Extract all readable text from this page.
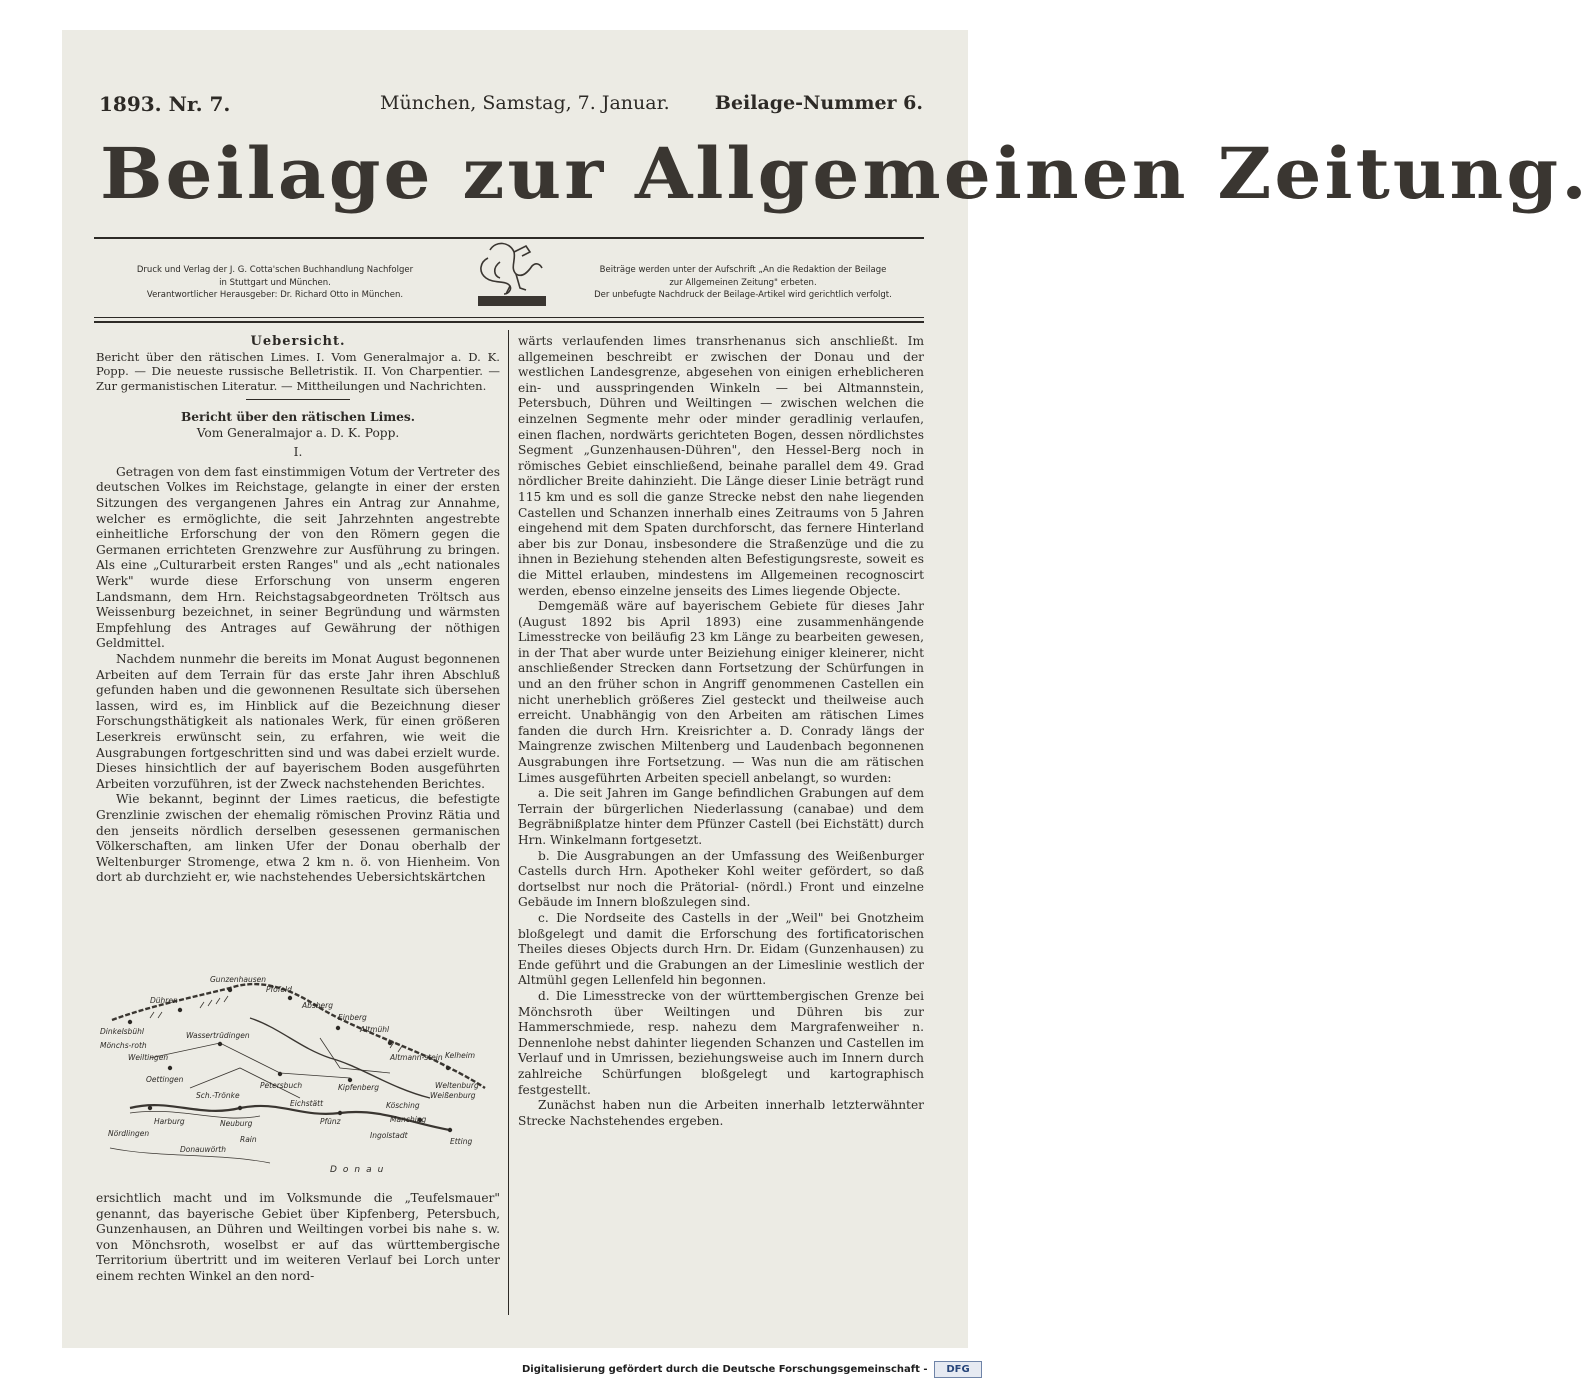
1893. Nr. 7.	München, Samstag, 7. Januar. Beilage-Nummer 6.
Beilage zur Allgemeinen Zeitung.
Druck und Verlag der J. G. Cotta'schen Buchhandlung Nachfolger
in Stuttgart und München.
Verantwortlicher Herausgeber: Dr. Richard Otto in München.
Beiträge werden unter der Aufschrift „An die Redaktion der Beilage
zur Allgemeinen Zeitung" erbeten.
Der unbefugte Nachdruck der Beilage-Artikel wird gerichtlich verfolgt.

Uebersicht.

Bericht über den rätischen Limes. I. Vom Generalmajor a. D. K. Popp. — Die neueste russische Belletristik. II. Von Charpentier. — Zur germanistischen Literatur. — Mittheilungen und Nachrichten.

Bericht über den rätischen Limes.

Vom Generalmajor a. D. K. Popp.

I.

Getragen von dem fast einstimmigen Votum der Vertreter des deutschen Volkes im Reichstage, gelangte in einer der ersten Sitzungen des vergangenen Jahres ein Antrag zur Annahme, welcher es ermöglichte, die seit Jahrzehnten angestrebte einheitliche Erforschung der von den Römern gegen die Germanen errichteten Grenzwehre zur Ausführung zu bringen. Als eine „Culturarbeit ersten Ranges" und als „echt nationales Werk" wurde diese Erforschung von unserm engeren Landsmann, dem Hrn. Reichstagsabgeordneten Tröltsch aus Weissenburg bezeichnet, in seiner Begründung und wärmsten Empfehlung des Antrages auf Gewährung der nöthigen Geldmittel.

Nachdem nunmehr die bereits im Monat August begonnenen Arbeiten auf dem Terrain für das erste Jahr ihren Abschluß gefunden haben und die gewonnenen Resultate sich übersehen lassen, wird es, im Hinblick auf die Bezeichnung dieser Forschungsthätigkeit als nationales Werk, für einen größeren Leserkreis erwünscht sein, zu erfahren, wie weit die Ausgrabungen fortgeschritten sind und was dabei erzielt wurde. Dieses hinsichtlich der auf bayerischem Boden ausgeführten Arbeiten vorzuführen, ist der Zweck nachstehenden Berichtes.

Wie bekannt, beginnt der Limes raeticus, die befestigte Grenzlinie zwischen der ehemalig römischen Provinz Rätia und den jenseits nördlich derselben gesessenen germanischen Völkerschaften, am linken Ufer der Donau oberhalb der Weltenburger Stromenge, etwa 2 km n. ö. von Hienheim. Von dort ab durchzieht er, wie nachstehendes Uebersichtskärtchen

Dühren
Gunzenhausen
Pfofeld
Absberg
Einberg
Dinkelsbühl	Wassertrüdingen
Mönchs-roth
Weiltingen
Oettingen
Altmühl
Petersbuch	Kipfenberg
Eichstätt
Pfünz
Altmann-stein Kelheim
Weltenburg
Kösching
Manching
Ingolstadt
Neuburg
Donauwörth
Harburg
Rain	Etting
Donau
Sch.-Trönke
Nördlingen
Weißenburg

ersichtlich macht und im Volksmunde die „Teufelsmauer" genannt, das bayerische Gebiet über Kipfenberg, Petersbuch, Gunzenhausen, an Dühren und Weiltingen vorbei bis nahe s. w. von Mönchsroth, woselbst er auf das württembergische Territorium übertritt und im weiteren Verlauf bei Lorch unter einem rechten Winkel an den nord-

wärts verlaufenden limes transrhenanus sich anschließt. Im allgemeinen beschreibt er zwischen der Donau und der westlichen Landesgrenze, abgesehen von einigen erheblicheren ein- und ausspringenden Winkeln — bei Altmannstein, Petersbuch, Dühren und Weiltingen — zwischen welchen die einzelnen Segmente mehr oder minder geradlinig verlaufen, einen flachen, nordwärts gerichteten Bogen, dessen nördlichstes Segment „Gunzenhausen-Dühren", den Hessel-Berg noch in römisches Gebiet einschließend, beinahe parallel dem 49. Grad nördlicher Breite dahinzieht. Die Länge dieser Linie beträgt rund 115 km und es soll die ganze Strecke nebst den nahe liegenden Castellen und Schanzen innerhalb eines Zeitraums von 5 Jahren eingehend mit dem Spaten durchforscht, das fernere Hinterland aber bis zur Donau, insbesondere die Straßenzüge und die zu ihnen in Beziehung stehenden alten Befestigungsreste, soweit es die Mittel erlauben, mindestens im Allgemeinen recognoscirt werden, ebenso einzelne jenseits des Limes liegende Objecte.

Demgemäß wäre auf bayerischem Gebiete für dieses Jahr (August 1892 bis April 1893) eine zusammenhängende Limesstrecke von beiläufig 23 km Länge zu bearbeiten gewesen, in der That aber wurde unter Beiziehung einiger kleinerer, nicht anschließender Strecken dann Fortsetzung der Schürfungen in und an den früher schon in Angriff genommenen Castellen ein nicht unerheblich größeres Ziel gesteckt und theilweise auch erreicht. Unabhängig von den Arbeiten am rätischen Limes fanden die durch Hrn. Kreisrichter a. D. Conrady längs der Maingrenze zwischen Miltenberg und Laudenbach begonnenen Ausgrabungen ihre Fortsetzung. — Was nun die am rätischen Limes ausgeführten Arbeiten speciell anbelangt, so wurden:

a. Die seit Jahren im Gange befindlichen Grabungen auf dem Terrain der bürgerlichen Niederlassung (canabae) und dem Begräbnißplatze hinter dem Pfünzer Castell (bei Eichstätt) durch Hrn. Winkelmann fortgesetzt.

b. Die Ausgrabungen an der Umfassung des Weißenburger Castells durch Hrn. Apotheker Kohl weiter gefördert, so daß dortselbst nur noch die Prätorial- (nördl.) Front und einzelne Gebäude im Innern bloßzulegen sind.

c. Die Nordseite des Castells in der „Weil" bei Gnotzheim bloßgelegt und damit die Erforschung des fortificatorischen Theiles dieses Objects durch Hrn. Dr. Eidam (Gunzenhausen) zu Ende geführt und die Grabungen an der Limeslinie westlich der Altmühl gegen Lellenfeld hin begonnen.

d. Die Limesstrecke von der württembergischen Grenze bei Mönchsroth über Weiltingen und Dühren bis zur Hammerschmiede, resp. nahezu dem Margrafenweiher n. Dennenlohe nebst dahinter liegenden Schanzen und Castellen im Verlauf und in Umrissen, beziehungsweise auch im Innern durch zahlreiche Schürfungen bloßgelegt und kartographisch festgestellt.

Zunächst haben nun die Arbeiten innerhalb letzterwähnter Strecke Nachstehendes ergeben.

Digitalisierung gefördert durch die Deutsche Forschungsgemeinschaft -	DFG
